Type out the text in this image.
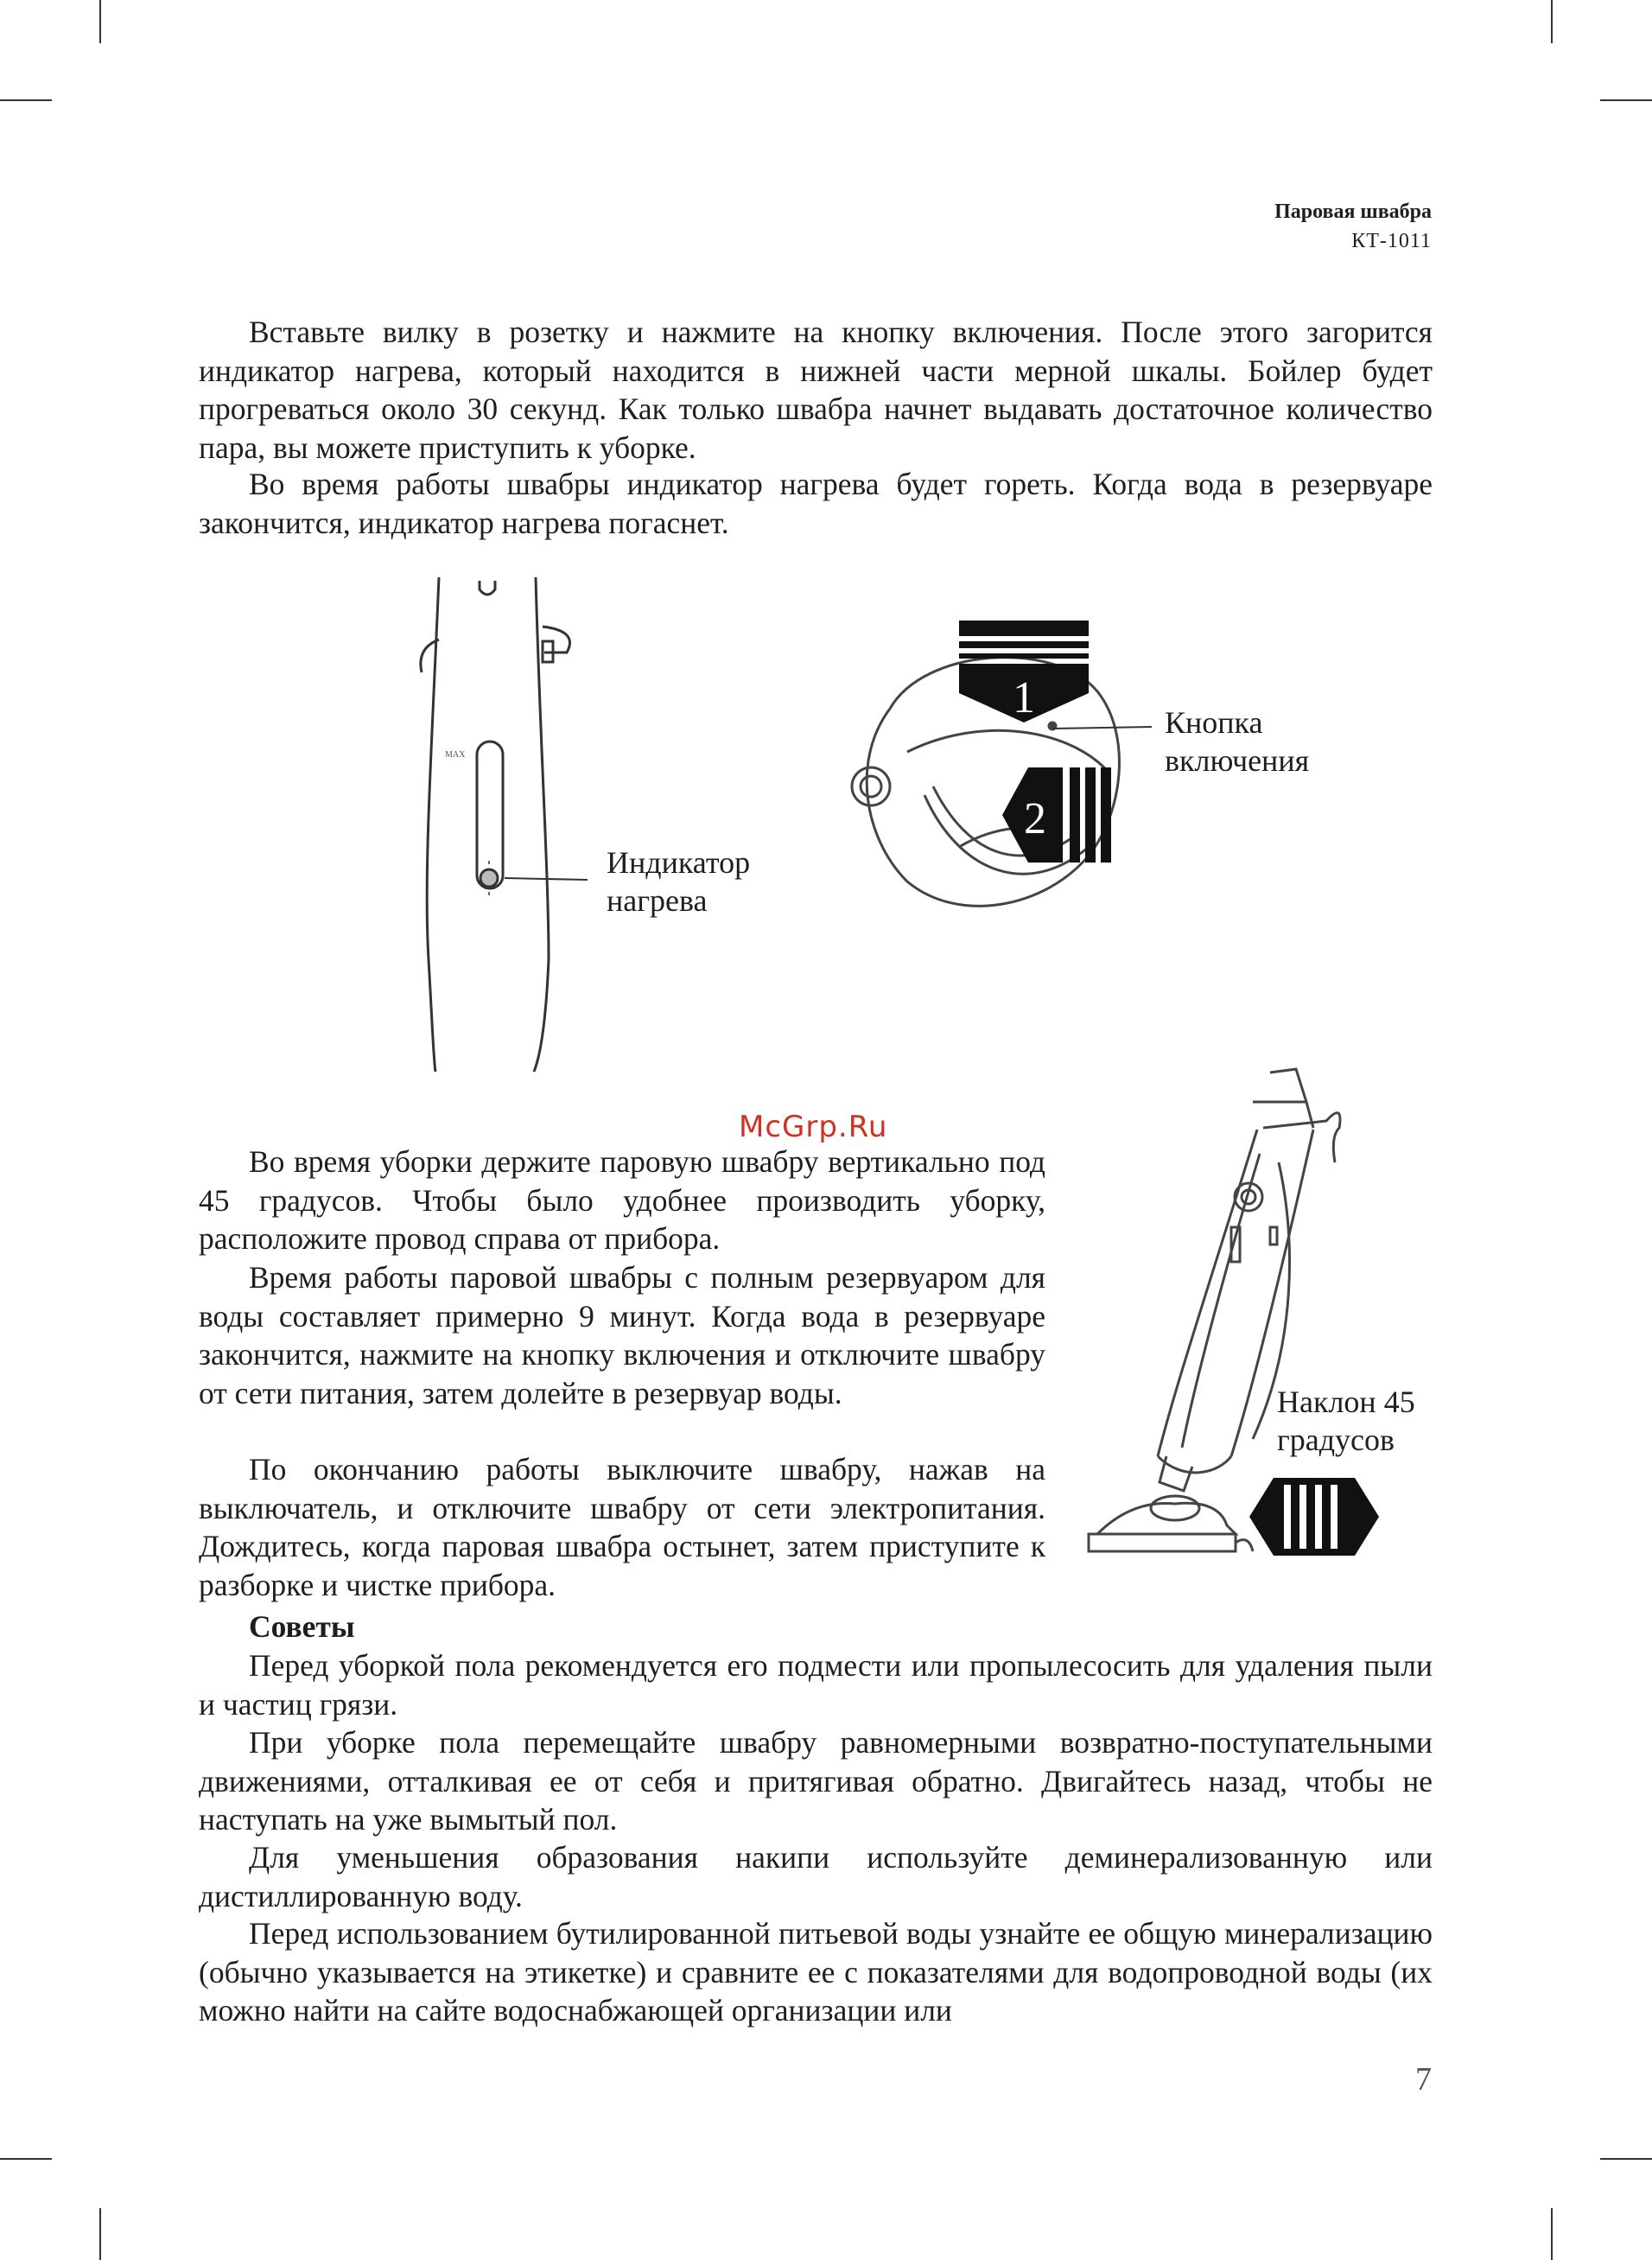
Паровая швабра
КТ-1011

Вставьте вилку в розетку и нажмите на кнопку включения. После этого загорится индикатор нагрева, который находится в нижней части мерной шкалы. Бойлер будет прогреваться около 30 секунд. Как только швабра начнет выдавать достаточное количество пара, вы можете приступить к уборке.

Во время работы швабры индикатор нагрева будет гореть. Когда вода в резервуаре закончится, индикатор нагрева погаснет.

MAX
Индикатор
нагрева
1
2
Кнопка
включения
McGrp.Ru

Во время уборки держите паровую швабру вертикально под 45 градусов. Чтобы было удобнее производить уборку, расположите провод справа от прибора.

Время работы паровой швабры с полным резервуаром для воды составляет примерно 9 минут. Когда вода в резервуаре закончится, нажмите на кнопку включения и отключите швабру от сети питания, затем долейте в резервуар воды.

По окончанию работы выключите швабру, нажав на выключатель, и отключите швабру от сети электропитания. Дождитесь, когда паровая швабра остынет, затем приступите к разборке и чистке прибора.

Наклон 45
градусов

Советы

Перед уборкой пола рекомендуется его подмести или пропылесосить для удаления пыли и частиц грязи.

При уборке пола перемещайте швабру равномерными возвратно-поступательными движениями, отталкивая ее от себя и притягивая обратно. Двигайтесь назад, чтобы не наступать на уже вымытый пол.

Для уменьшения образования накипи используйте деминерализованную или дистиллированную воду.

Перед использованием бутилированной питьевой воды узнайте ее общую минерализацию (обычно указывается на этикетке) и сравните ее с показателями для водопроводной воды (их можно найти на сайте водоснабжающей организации или

7
